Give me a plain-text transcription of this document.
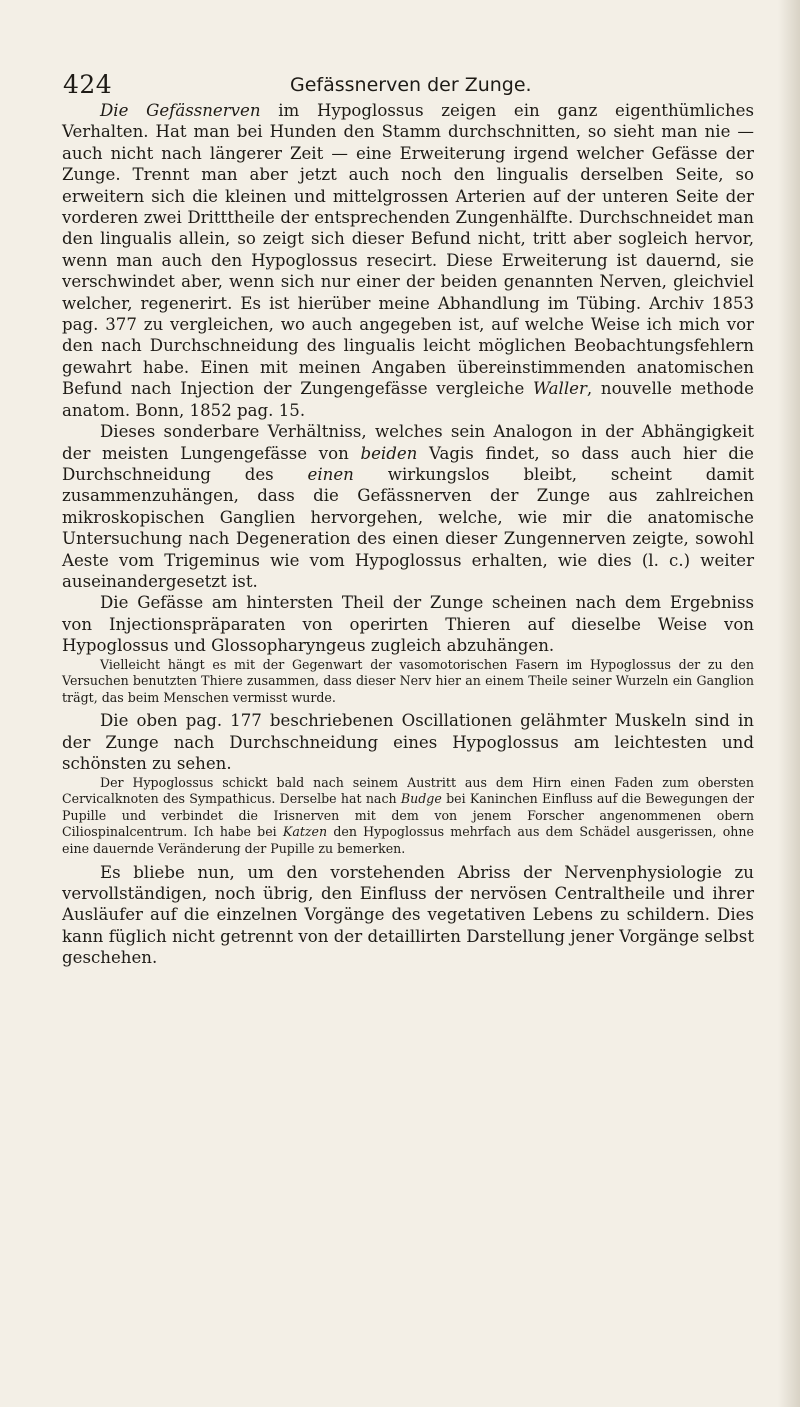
424	Gefässnerven der Zunge.

Die Gefässnerven im Hypoglossus zeigen ein ganz eigenthümliches Verhalten. Hat man bei Hunden den Stamm durchschnitten, so sieht man nie — auch nicht nach längerer Zeit — eine Erweiterung irgend welcher Gefässe der Zunge. Trennt man aber jetzt auch noch den lingualis derselben Seite, so erweitern sich die kleinen und mittelgrossen Arterien auf der unteren Seite der vorderen zwei Dritttheile der entsprechenden Zungenhälfte. Durchschneidet man den lingualis allein, so zeigt sich dieser Befund nicht, tritt aber sogleich hervor, wenn man auch den Hypoglossus resecirt. Diese Erweiterung ist dauernd, sie verschwindet aber, wenn sich nur einer der beiden genannten Nerven, gleichviel welcher, regenerirt. Es ist hierüber meine Abhandlung im Tübing. Archiv 1853 pag. 377 zu vergleichen, wo auch angegeben ist, auf welche Weise ich mich vor den nach Durchschneidung des lingualis leicht möglichen Beobachtungsfehlern gewahrt habe. Einen mit meinen Angaben übereinstimmenden anatomischen Befund nach Injection der Zungengefässe vergleiche Waller, nouvelle methode anatom. Bonn, 1852 pag. 15.

Dieses sonderbare Verhältniss, welches sein Analogon in der Abhängigkeit der meisten Lungengefässe von beiden Vagis findet, so dass auch hier die Durchschneidung des einen wirkungslos bleibt, scheint damit zusammenzuhängen, dass die Gefässnerven der Zunge aus zahlreichen mikroskopischen Ganglien hervorgehen, welche, wie mir die anatomische Untersuchung nach Degeneration des einen dieser Zungennerven zeigte, sowohl Aeste vom Trigeminus wie vom Hypoglossus erhalten, wie dies (l. c.) weiter auseinandergesetzt ist.

Die Gefässe am hintersten Theil der Zunge scheinen nach dem Ergebniss von Injectionspräparaten von operirten Thieren auf dieselbe Weise von Hypoglossus und Glossopharyngeus zugleich abzuhängen.

Vielleicht hängt es mit der Gegenwart der vasomotorischen Fasern im Hypoglossus der zu den Versuchen benutzten Thiere zusammen, dass dieser Nerv hier an einem Theile seiner Wurzeln ein Ganglion trägt, das beim Menschen vermisst wurde.

Die oben pag. 177 beschriebenen Oscillationen gelähmter Muskeln sind in der Zunge nach Durchschneidung eines Hypoglossus am leichtesten und schönsten zu sehen.

Der Hypoglossus schickt bald nach seinem Austritt aus dem Hirn einen Faden zum obersten Cervicalknoten des Sympathicus. Derselbe hat nach Budge bei Kaninchen Einfluss auf die Bewegungen der Pupille und verbindet die Irisnerven mit dem von jenem Forscher angenommenen obern Ciliospinalcentrum. Ich habe bei Katzen den Hypoglossus mehrfach aus dem Schädel ausgerissen, ohne eine dauernde Veränderung der Pupille zu bemerken.

Es bliebe nun, um den vorstehenden Abriss der Nervenphysiologie zu vervollständigen, noch übrig, den Einfluss der nervösen Centraltheile und ihrer Ausläufer auf die einzelnen Vorgänge des vegetativen Lebens zu schildern. Dies kann füglich nicht getrennt von der detaillirten Darstellung jener Vorgänge selbst geschehen.
